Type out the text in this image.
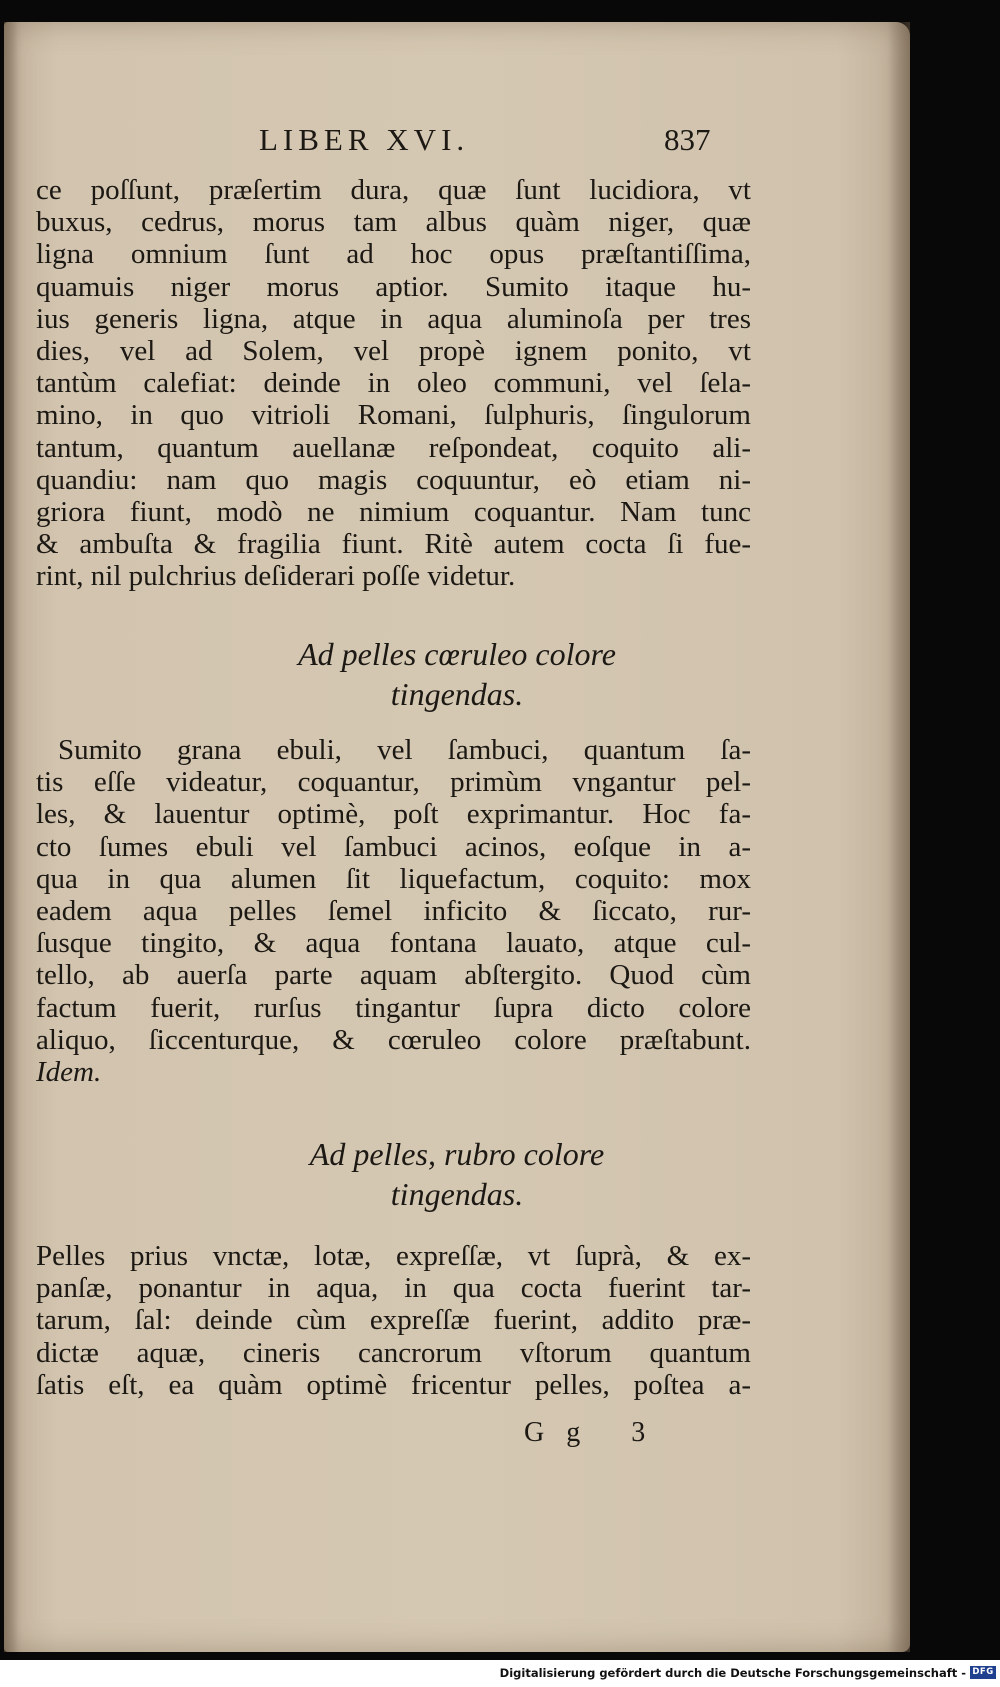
LIBER XVI.	837
ce poſſunt, præſertim dura, quæ ſunt lucidiora, vt
buxus, cedrus, morus tam albus quàm niger, quæ
ligna omnium ſunt ad hoc opus præſtantiſſima,
quamuis niger morus aptior. Sumito itaque hu-
ius generis ligna, atque in aqua aluminoſa per tres
dies, vel ad Solem, vel propè ignem ponito, vt
tantùm calefiat: deinde in oleo communi, vel ſela-
mino, in quo vitrioli Romani, ſulphuris, ſingulorum
tantum, quantum auellanæ reſpondeat, coquito ali-
quandiu: nam quo magis coquuntur, eò etiam ni-
griora fiunt, modò ne nimium coquantur. Nam tunc
& ambuſta & fragilia fiunt. Ritè autem cocta ſi fue-
rint, nil pulchrius deſiderari poſſe videtur.
Ad pelles cœruleo colore
tingendas.
Sumito grana ebuli, vel ſambuci, quantum ſa-
tis eſſe videatur, coquantur, primùm vngantur pel-
les, & lauentur optimè, poſt exprimantur. Hoc fa-
cto ſumes ebuli vel ſambuci acinos, eoſque in a-
qua in qua alumen ſit liquefactum, coquito: mox
eadem aqua pelles ſemel inficito & ſiccato, rur-
ſusque tingito, & aqua fontana lauato, atque cul-
tello, ab auerſa parte aquam abſtergito. Quod cùm
factum fuerit, rurſus tingantur ſupra dicto colore
aliquo, ſiccenturque, & cœruleo colore præſtabunt.
Idem.
Ad pelles, rubro colore
tingendas.
Pelles prius vnctæ, lotæ, expreſſæ, vt ſuprà, & ex-
panſæ, ponantur in aqua, in qua cocta fuerint tar-
tarum, ſal: deinde cùm expreſſæ fuerint, addito præ-
dictæ aquæ, cineris cancrorum vſtorum quantum
ſatis eſt, ea quàm optimè fricentur pelles, poſtea a-
Gg 3
Digitalisierung gefördert durch die Deutsche Forschungsgemeinschaft - DFG
